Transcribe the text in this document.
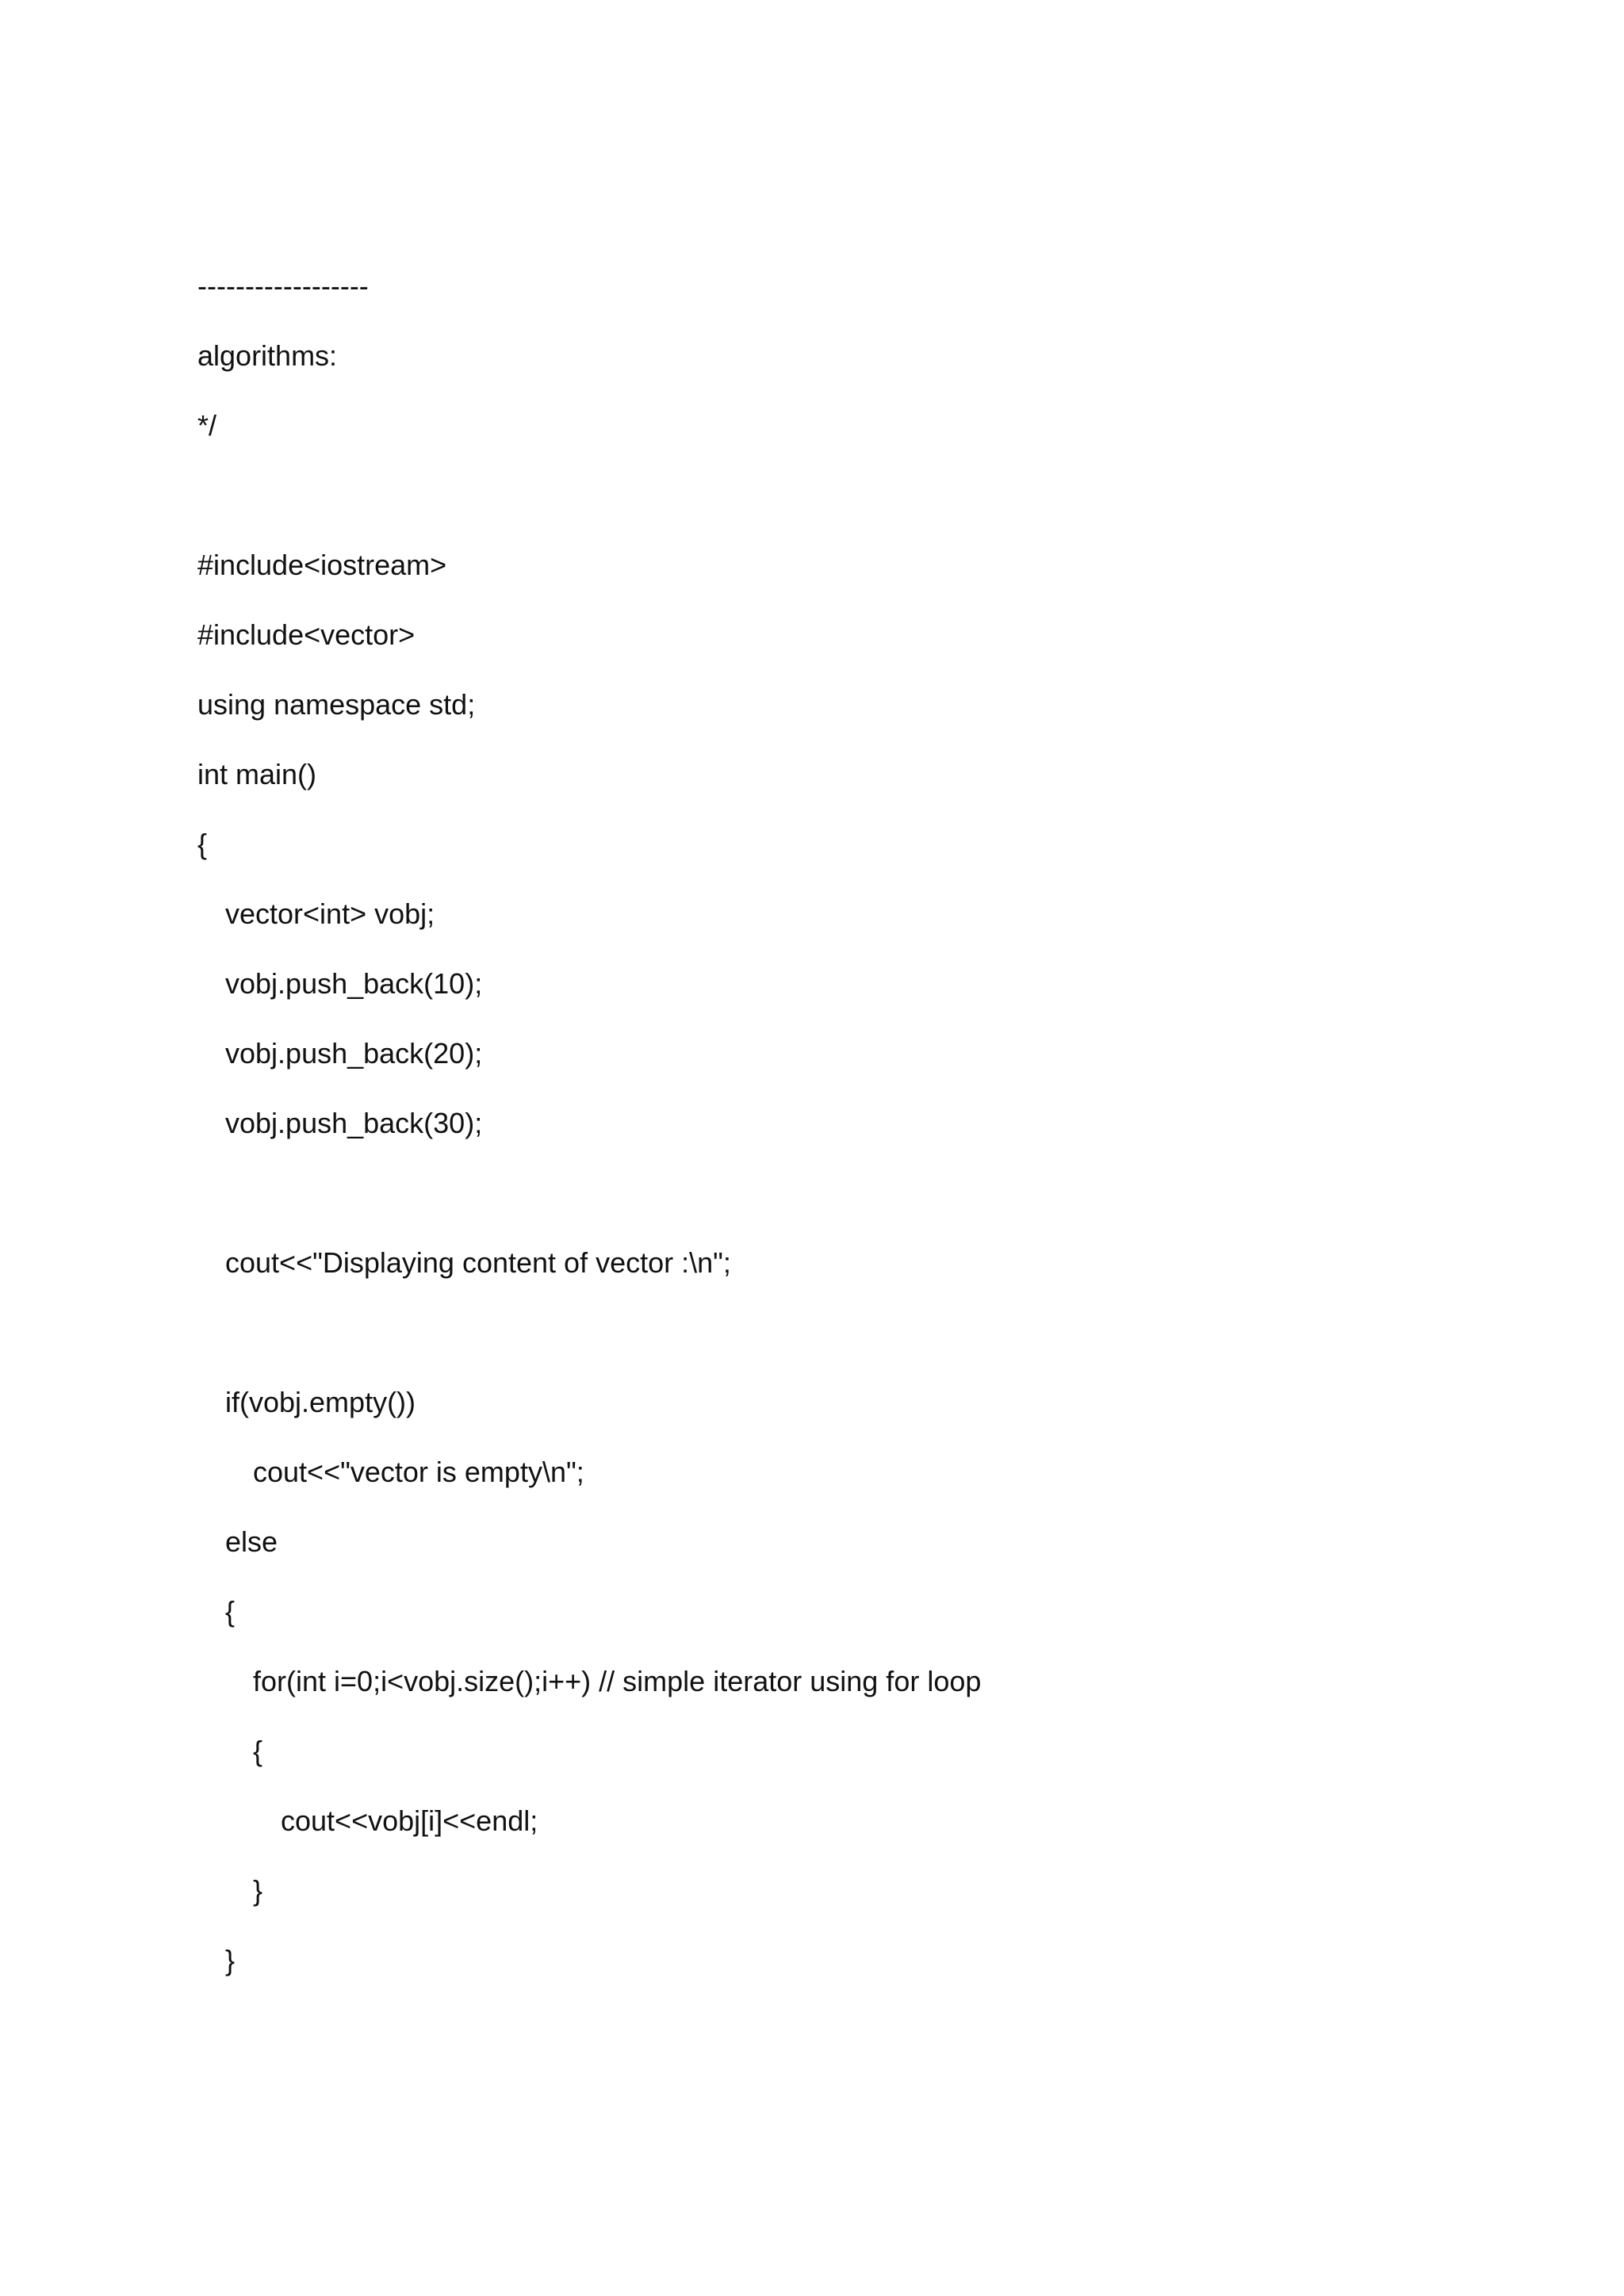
------------------
algorithms:
*/
#include<iostream>
#include<vector>
using namespace std;
int main()
{
vector<int> vobj;
vobj.push_back(10);
vobj.push_back(20);
vobj.push_back(30);
cout<<"Displaying content of vector :\n";
if(vobj.empty())
cout<<"vector is empty\n";
else
{
for(int i=0;i<vobj.size();i++) // simple iterator using for loop
{
cout<<vobj[i]<<endl;
}
}
